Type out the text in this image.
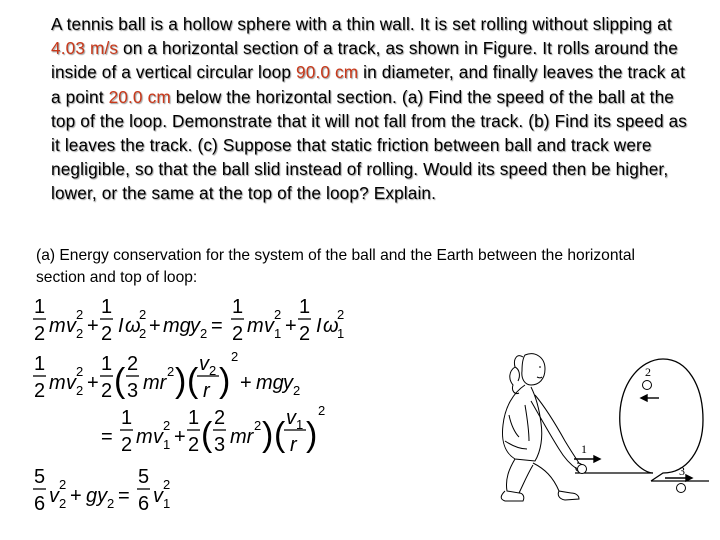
A tennis ball is a hollow sphere with a thin wall. It is set rolling without slipping at 4.03 m/s on a horizontal section of a track, as shown in Figure. It rolls around the inside of a vertical circular loop 90.0 cm in diameter, and finally leaves the track at a point 20.0 cm below the horizontal section. (a) Find the speed of the ball at the top of the loop. Demonstrate that it will not fall from the track. (b) Find its speed as it leaves the track. (c) Suppose that static friction between ball and track were negligible, so that the ball slid instead of rolling. Would its speed then be higher, lower, or the same at the top of the loop? Explain.
(a) Energy conservation for the system of the ball and the Earth between the horizontal section and top of loop:
1
2 m v 2
2
+
1
2 I ω
2
2
+ mg y 2 =
1
2 m v 1
2
+
1
2 I ω
1
2
1
2 m v 2
2
+
1
2 ( 2
3 mr
2 ) ( v 2
r )
2
+ mg y 2
=
1
2 m v 1
2
+
1
2 ( 2
3 mr
2 ) ( v 1
r )
2
5
6 v 2
2
+ gy 2 =
5
6 v 1
2
1
2
3
